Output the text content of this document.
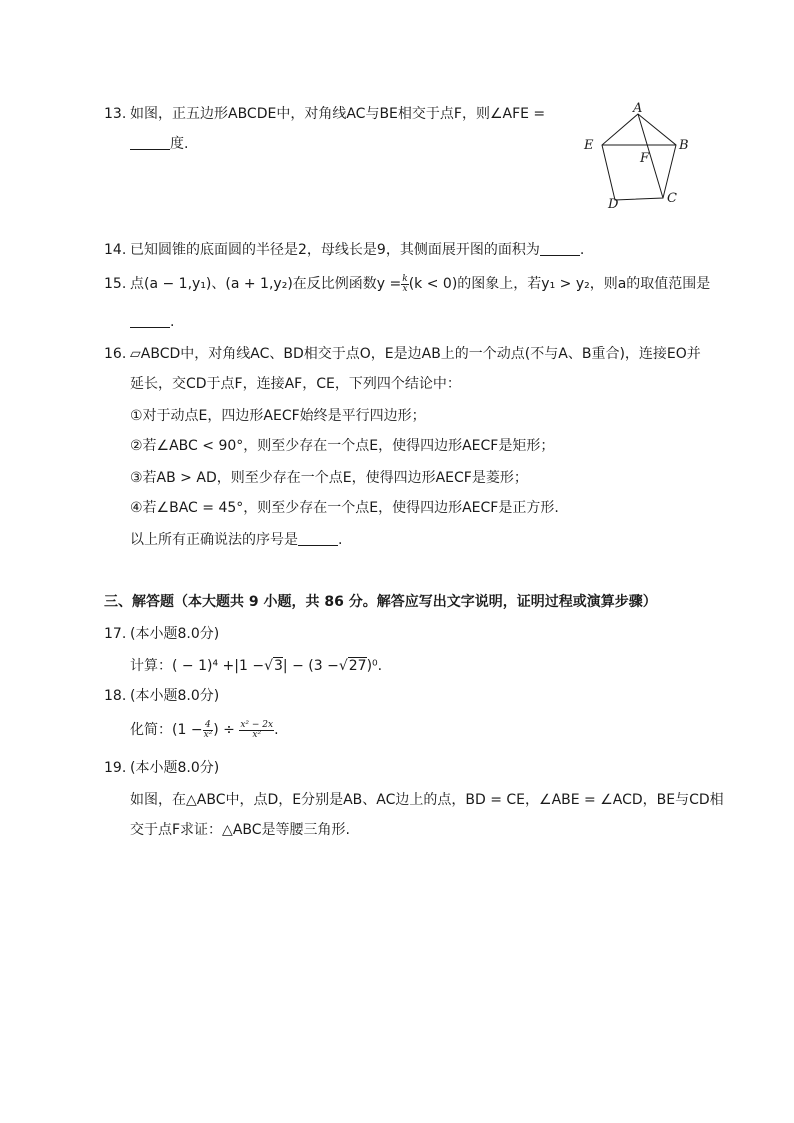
13. 如图，正五边形ABCDE中，对角线AC与BE相交于点F，则∠AFE =
度.
A
B
C
D
E
F
14. 已知圆锥的底面圆的半径是2，母线长是9，其侧面展开图的面积为	.
15. 点(a − 1,y₁)、(a + 1,y₂)在反比例函数$y = \frac{k}{x} (k < 0)$的图象上，若y₁ > y₂，则a的取值范围是
.
16. ▱ABCD中，对角线AC、BD相交于点O，E是边AB上的一个动点(不与A、B重合)，连接EO并
延长，交CD于点F，连接AF，CE，下列四个结论中：
①对于动点E，四边形AECF始终是平行四边形；
②若∠ABC < 90°，则至少存在一个点E，使得四边形AECF是矩形；
③若AB > AD，则至少存在一个点E，使得四边形AECF是菱形；
④若∠BAC = 45°，则至少存在一个点E，使得四边形AECF是正方形.
以上所有正确说法的序号是	.
三、解答题（本大题共 9 小题，共 86 分。解答应写出文字说明，证明过程或演算步骤）
17. (本小题8.0分)
计算：( − 1)⁴ +|1 −√3| − (3 −√27)⁰.
18. (本小题8.0分)
化简：($1 - \frac{4}{\text{x²}}$ ) ÷ $\frac{\text{x² − 2x}}{\text{x²}}$ .
19. (本小题8.0分)
如图，在△ABC中，点D，E分别是AB、AC边上的点，BD = CE，∠ABE = ∠ACD，BE与CD相
交于点F求证：△ABC是等腰三角形.
